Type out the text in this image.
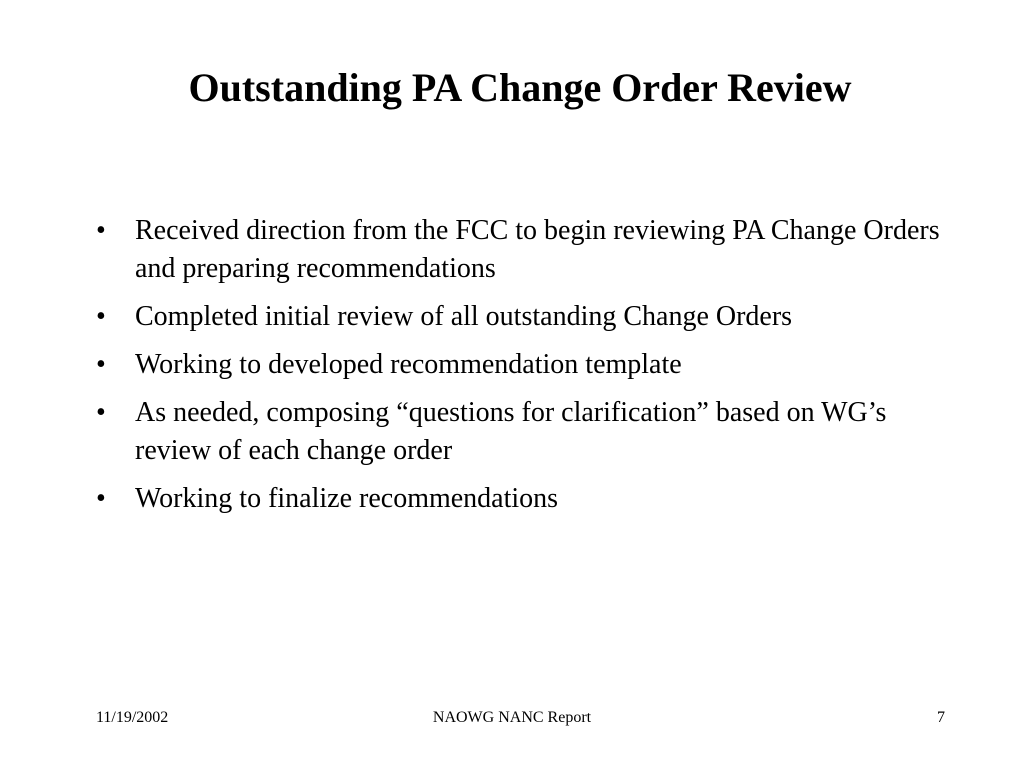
Outstanding PA Change Order Review
•	Received direction from the FCC to begin reviewing PA Change Orders and preparing recommendations
•	Completed initial review of all outstanding Change Orders
•	Working to developed recommendation template
•	As needed, composing “questions for clarification” based on WG’s review of each change order
•	Working to finalize recommendations
11/19/2002	NAOWG NANC Report	7
